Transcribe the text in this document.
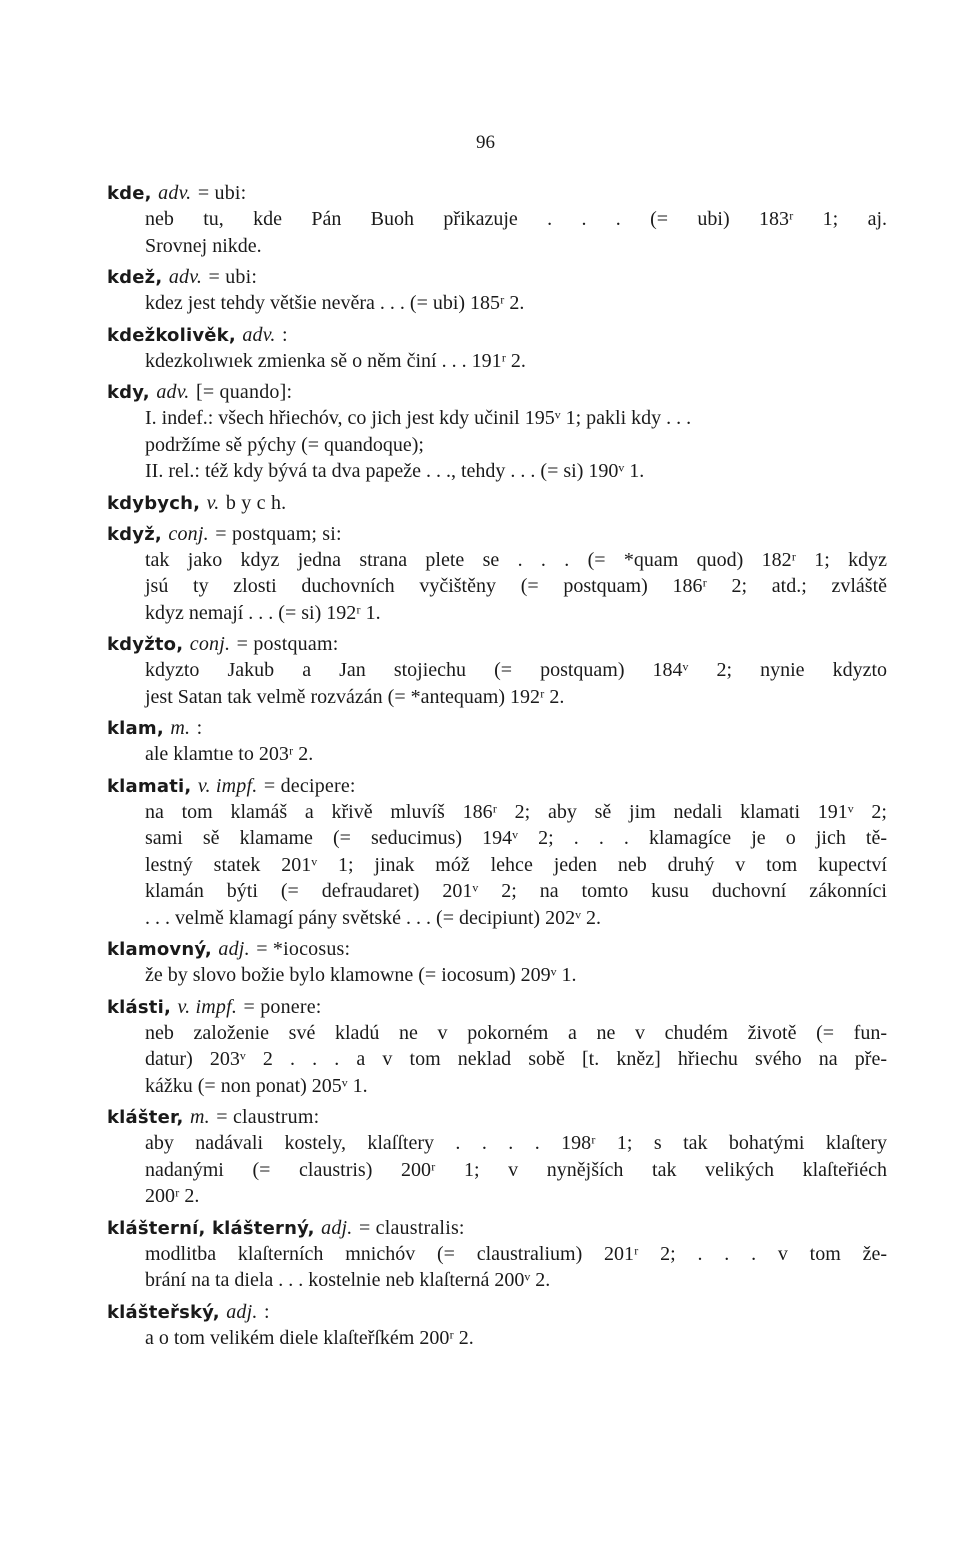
96
kde, adv. = ubi:
neb tu, kde Pán Buoh přikazuje . . . (= ubi) 183ʳ 1; aj.
Srovnej nikde.
kdež, adv. = ubi:
kdez jest tehdy většie nevěra . . . (= ubi) 185ʳ 2.
kdežkolivěk, adv. :
kdezkolıwıek zmienka sě o něm činí . . . 191ʳ 2.
kdy, adv. [= quando]:
I. indef.: všech hřiechóv, co jich jest kdy učinil 195ᵛ 1; pakli kdy . . .
podržíme sě pýchy (= quandoque);
II. rel.: též kdy bývá ta dva papeže . . ., tehdy . . . (= si) 190ᵛ 1.
kdybych, v. b y c h.
když, conj. = postquam; si:
tak jako kdyz jedna strana plete se . . . (= *quam quod) 182ʳ 1; kdyz
jsú ty zlosti duchovních vyčištěny (= postquam) 186ʳ 2; atd.; zvláště
kdyz nemají . . . (= si) 192ʳ 1.
kdyžto, conj. = postquam:
kdyzto Jakub a Jan stojiechu (= postquam) 184ᵛ 2; nynie kdyzto
jest Satan tak velmě rozvázán (= *antequam) 192ʳ 2.
klam, m. :
ale klamtıe to 203ʳ 2.
klamati, v. impf. = decipere:
na tom klamáš a křivě mluvíš 186ʳ 2; aby sě jim nedali klamati 191ᵛ 2;
sami sě klamame (= seducimus) 194ᵛ 2; . . . klamagíce je o jich tě-
lestný statek 201ᵛ 1; jinak móž lehce jeden neb druhý v tom kupectví
klamán býti (= defraudaret) 201ᵛ 2; na tomto kusu duchovní zákonníci
. . . velmě klamagí pány světské . . . (= decipiunt) 202ᵛ 2.
klamovný, adj. = *iocosus:
že by slovo božie bylo klamowne (= iocosum) 209ᵛ 1.
klásti, v. impf. = ponere:
neb založenie své kladú ne v pokorném a ne v chudém životě (= fun-
datur) 203ᵛ 2 . . . a v tom neklad sobě [t. kněz] hřiechu svého na pře-
kážku (= non ponat) 205ᵛ 1.
klášter, m. = claustrum:
aby nadávali kostely, klaſſtery . . . . 198ʳ 1; s tak bohatými klaſtery
nadanými (= claustris) 200ʳ 1; v nynějších tak velikých klaſteřiéch
200ʳ 2.
klášterní, klášterný, adj. = claustralis:
modlitba klaſterních mnichóv (= claustralium) 201ʳ 2; . . . v tom že-
brání na ta diela . . . kostelnie neb klaſterná 200ᵛ 2.
klášteřský, adj. :
a o tom velikém diele klaſteřſkém 200ʳ 2.
